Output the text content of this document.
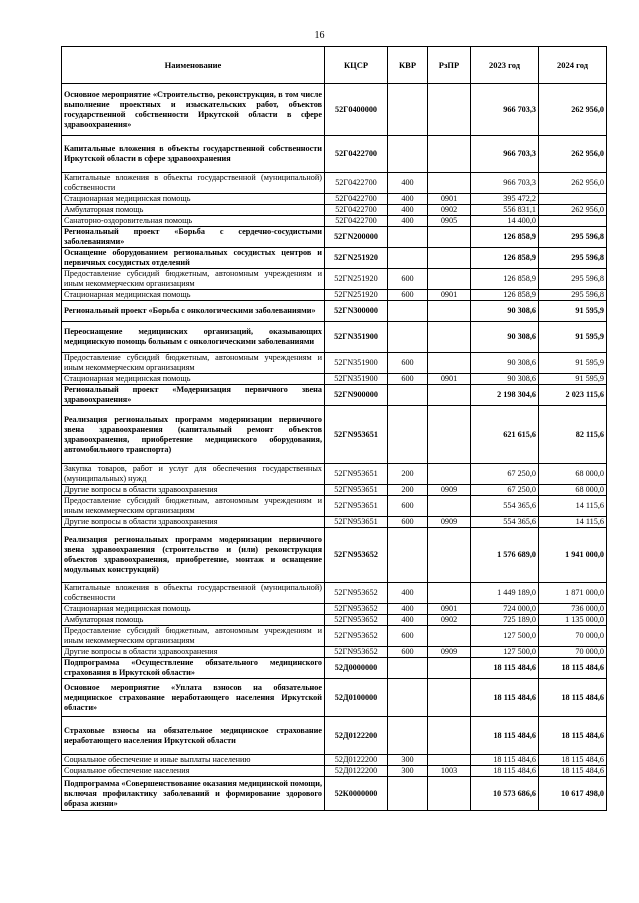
16
Наименование	КЦСР	КВР	РзПР	2023 год	2024 год
Основное мероприятие «Строительство, реконструкция, в том числе выполнение проектных и изыскательских работ, объектов государственной собственности Иркутской области в сфере здравоохранения»	52Г0400000			966 703,3	262 956,0
Капитальные вложения в объекты государственной собственности Иркутской области в сфере здравоохранения	52Г0422700			966 703,3	262 956,0
Капитальные вложения в объекты государственной (муниципальной) собственности	52Г0422700	400		966 703,3	262 956,0
Стационарная медицинская помощь	52Г0422700	400	0901	395 472,2	
Амбулаторная помощь	52Г0422700	400	0902	556 831,1	262 956,0
Санаторно-оздоровительная помощь	52Г0422700	400	0905	14 400,0	
Региональный проект «Борьба с сердечно-сосудистыми заболеваниями»	52ГN200000			126 858,9	295 596,8
Оснащение оборудованием региональных сосудистых центров и первичных сосудистых отделений	52ГN251920			126 858,9	295 596,8
Предоставление субсидий бюджетным, автономным учреждениям и иным некоммерческим организациям	52ГN251920	600		126 858,9	295 596,8
Стационарная медицинская помощь	52ГN251920	600	0901	126 858,9	295 596,8
Региональный проект «Борьба с онкологическими заболеваниями»	52ГN300000			90 308,6	91 595,9
Переоснащение медицинских организаций, оказывающих медицинскую помощь больным с онкологическими заболеваниями	52ГN351900			90 308,6	91 595,9
Предоставление субсидий бюджетным, автономным учреждениям и иным некоммерческим организациям	52ГN351900	600		90 308,6	91 595,9
Стационарная медицинская помощь	52ГN351900	600	0901	90 308,6	91 595,9
Региональный проект «Модернизация первичного звена здравоохранения»	52ГN900000			2 198 304,6	2 023 115,6
Реализация региональных программ модернизации первичного звена здравоохранения (капитальный ремонт объектов здравоохранения, приобретение медицинского оборудования, автомобильного транспорта)	52ГN953651			621 615,6	82 115,6
Закупка товаров, работ и услуг для обеспечения государственных (муниципальных) нужд	52ГN953651	200		67 250,0	68 000,0
Другие вопросы в области здравоохранения	52ГN953651	200	0909	67 250,0	68 000,0
Предоставление субсидий бюджетным, автономным учреждениям и иным некоммерческим организациям	52ГN953651	600		554 365,6	14 115,6
Другие вопросы в области здравоохранения	52ГN953651	600	0909	554 365,6	14 115,6
Реализация региональных программ модернизации первичного звена здравоохранения (строительство и (или) реконструкция объектов здравоохранения, приобретение, монтаж и оснащение модульных конструкций)	52ГN953652			1 576 689,0	1 941 000,0
Капитальные вложения в объекты государственной (муниципальной) собственности	52ГN953652	400		1 449 189,0	1 871 000,0
Стационарная медицинская помощь	52ГN953652	400	0901	724 000,0	736 000,0
Амбулаторная помощь	52ГN953652	400	0902	725 189,0	1 135 000,0
Предоставление субсидий бюджетным, автономным учреждениям и иным некоммерческим организациям	52ГN953652	600		127 500,0	70 000,0
Другие вопросы в области здравоохранения	52ГN953652	600	0909	127 500,0	70 000,0
Подпрограмма «Осуществление обязательного медицинского страхования в Иркутской области»	52Д0000000			18 115 484,6	18 115 484,6
Основное мероприятие «Уплата взносов на обязательное медицинское страхование неработающего населения Иркутской области»	52Д0100000			18 115 484,6	18 115 484,6
Страховые взносы на обязательное медицинское страхование неработающего населения Иркутской области	52Д0122200			18 115 484,6	18 115 484,6
Социальное обеспечение и иные выплаты населению	52Д0122200	300		18 115 484,6	18 115 484,6
Социальное обеспечение населения	52Д0122200	300	1003	18 115 484,6	18 115 484,6
Подпрограмма «Совершенствование оказания медицинской помощи, включая профилактику заболеваний и формирование здорового образа жизни»	52К0000000			10 573 686,6	10 617 498,0
